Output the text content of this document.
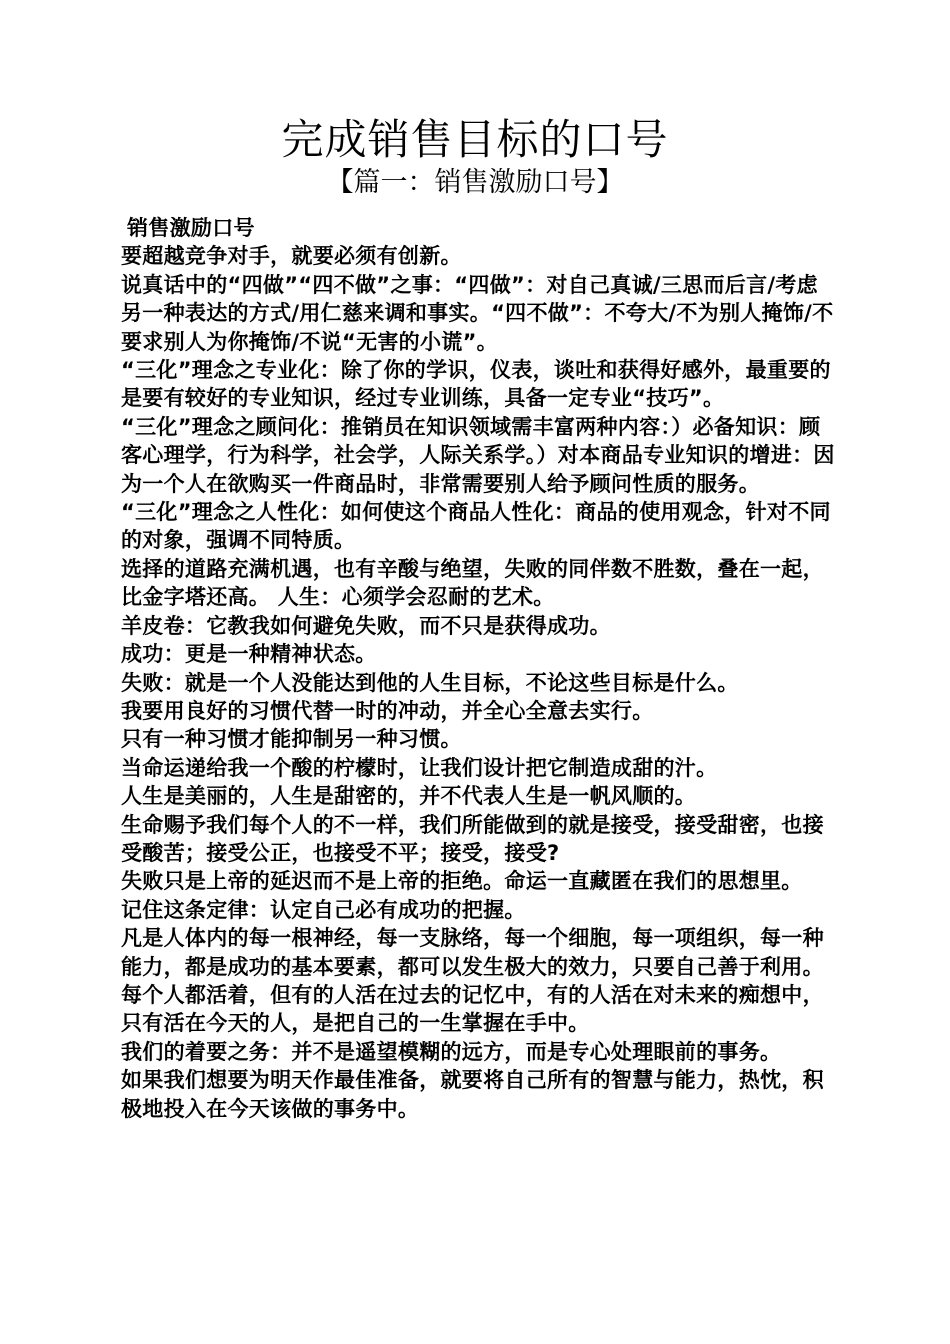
完成销售目标的口号
【篇一：销售激励口号】

销售激励口号

要超越竞争对手，就要必须有创新。

说真话中的“四做”“四不做”之事：“四做”：对自己真诚/三思而后言/考虑另一种表达的方式/用仁慈来调和事实。“四不做”：不夸大/不为别人掩饰/不要求别人为你掩饰/不说“无害的小谎”。

“三化”理念之专业化：除了你的学识，仪表，谈吐和获得好感外，最重要的是要有较好的专业知识，经过专业训练，具备一定专业“技巧”。

“三化”理念之顾问化：推销员在知识领域需丰富两种内容：）必备知识：顾客心理学，行为科学，社会学，人际关系学。）对本商品专业知识的增进：因为一个人在欲购买一件商品时，非常需要别人给予顾问性质的服务。

“三化”理念之人性化：如何使这个商品人性化：商品的使用观念，针对不同的对象，强调不同特质。

选择的道路充满机遇，也有辛酸与绝望，失败的同伴数不胜数，叠在一起，比金字塔还高。 人生：心须学会忍耐的艺术。

羊皮卷：它教我如何避免失败，而不只是获得成功。

成功：更是一种精神状态。

失败：就是一个人没能达到他的人生目标，不论这些目标是什么。

我要用良好的习惯代替一时的冲动，并全心全意去实行。

只有一种习惯才能抑制另一种习惯。

当命运递给我一个酸的柠檬时，让我们设计把它制造成甜的汁。

人生是美丽的，人生是甜密的，并不代表人生是一帆风顺的。

生命赐予我们每个人的不一样，我们所能做到的就是接受，接受甜密，也接受酸苦；接受公正，也接受不平；接受，接受?

失败只是上帝的延迟而不是上帝的拒绝。命运一直藏匿在我们的思想里。

记住这条定律：认定自己必有成功的把握。

凡是人体内的每一根神经，每一支脉络，每一个细胞，每一项组织，每一种能力，都是成功的基本要素，都可以发生极大的效力，只要自己善于利用。

每个人都活着，但有的人活在过去的记忆中，有的人活在对未来的痴想中，只有活在今天的人，是把自己的一生掌握在手中。

我们的着要之务：并不是遥望模糊的远方，而是专心处理眼前的事务。

如果我们想要为明天作最佳准备，就要将自己所有的智慧与能力，热忱，积极地投入在今天该做的事务中。
